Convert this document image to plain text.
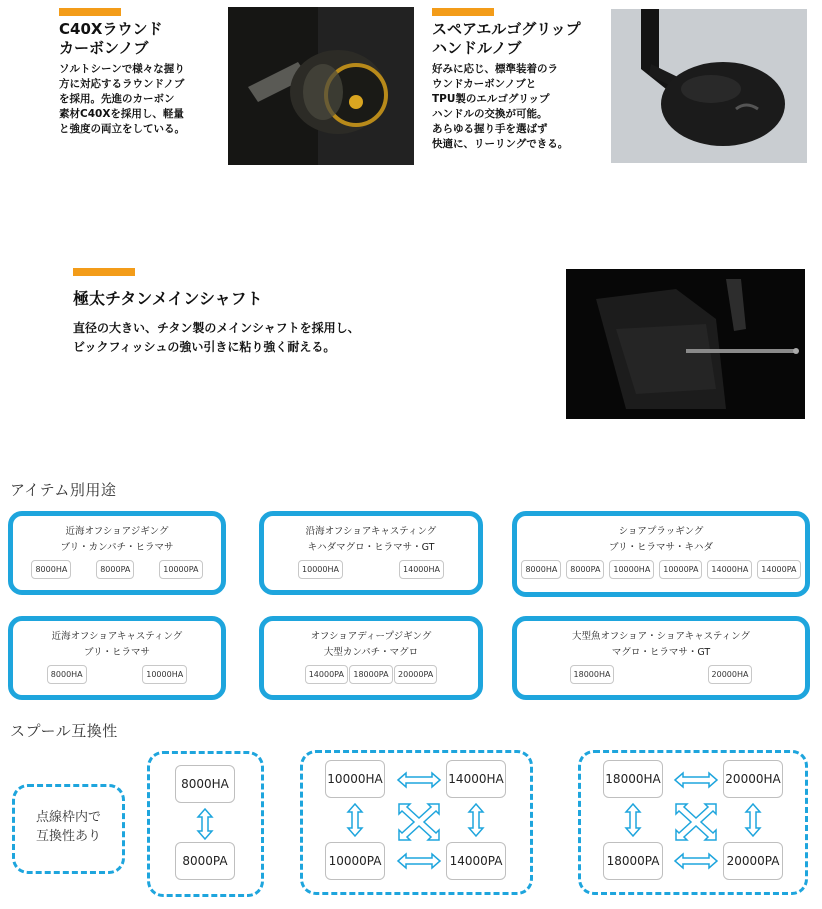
C40Xラウンド
カーボンノブ
ソルトシーンで様々な握り
方に対応するラウンドノブ
を採用。先進のカーボン
素材C40Xを採用し、軽量
と強度の両立をしている。
スペアエルゴグリップ
ハンドルノブ
好みに応じ、標準装着のラ
ウンドカーボンノブと
TPU製のエルゴグリップ
ハンドルの交換が可能。
あらゆる握り手を選ばず
快適に、リーリングできる。
極太チタンメインシャフト
直径の大きい、チタン製のメインシャフトを採用し、
ビックフィッシュの強い引きに粘り強く耐える。
アイテム別用途
近海オフショアジギング
ブリ・カンパチ・ヒラマサ
8000HA	8000PA	10000PA
沿海オフショアキャスティング
キハダマグロ・ヒラマサ・GT
10000HA	14000HA
ショアプラッギング
ブリ・ヒラマサ・キハダ
8000HA	8000PA	10000HA	10000PA	14000HA	14000PA
近海オフショアキャスティング
ブリ・ヒラマサ
8000HA	10000HA
オフショアディープジギング
大型カンパチ・マグロ
14000PA	18000PA	20000PA
大型魚オフショア・ショアキャスティング
マグロ・ヒラマサ・GT
18000HA	20000HA
スプール互換性
点線枠内で
互換性あり
8000HA
8000PA
10000HA	14000HA
10000PA	14000PA
18000HA	20000HA
18000PA	20000PA
